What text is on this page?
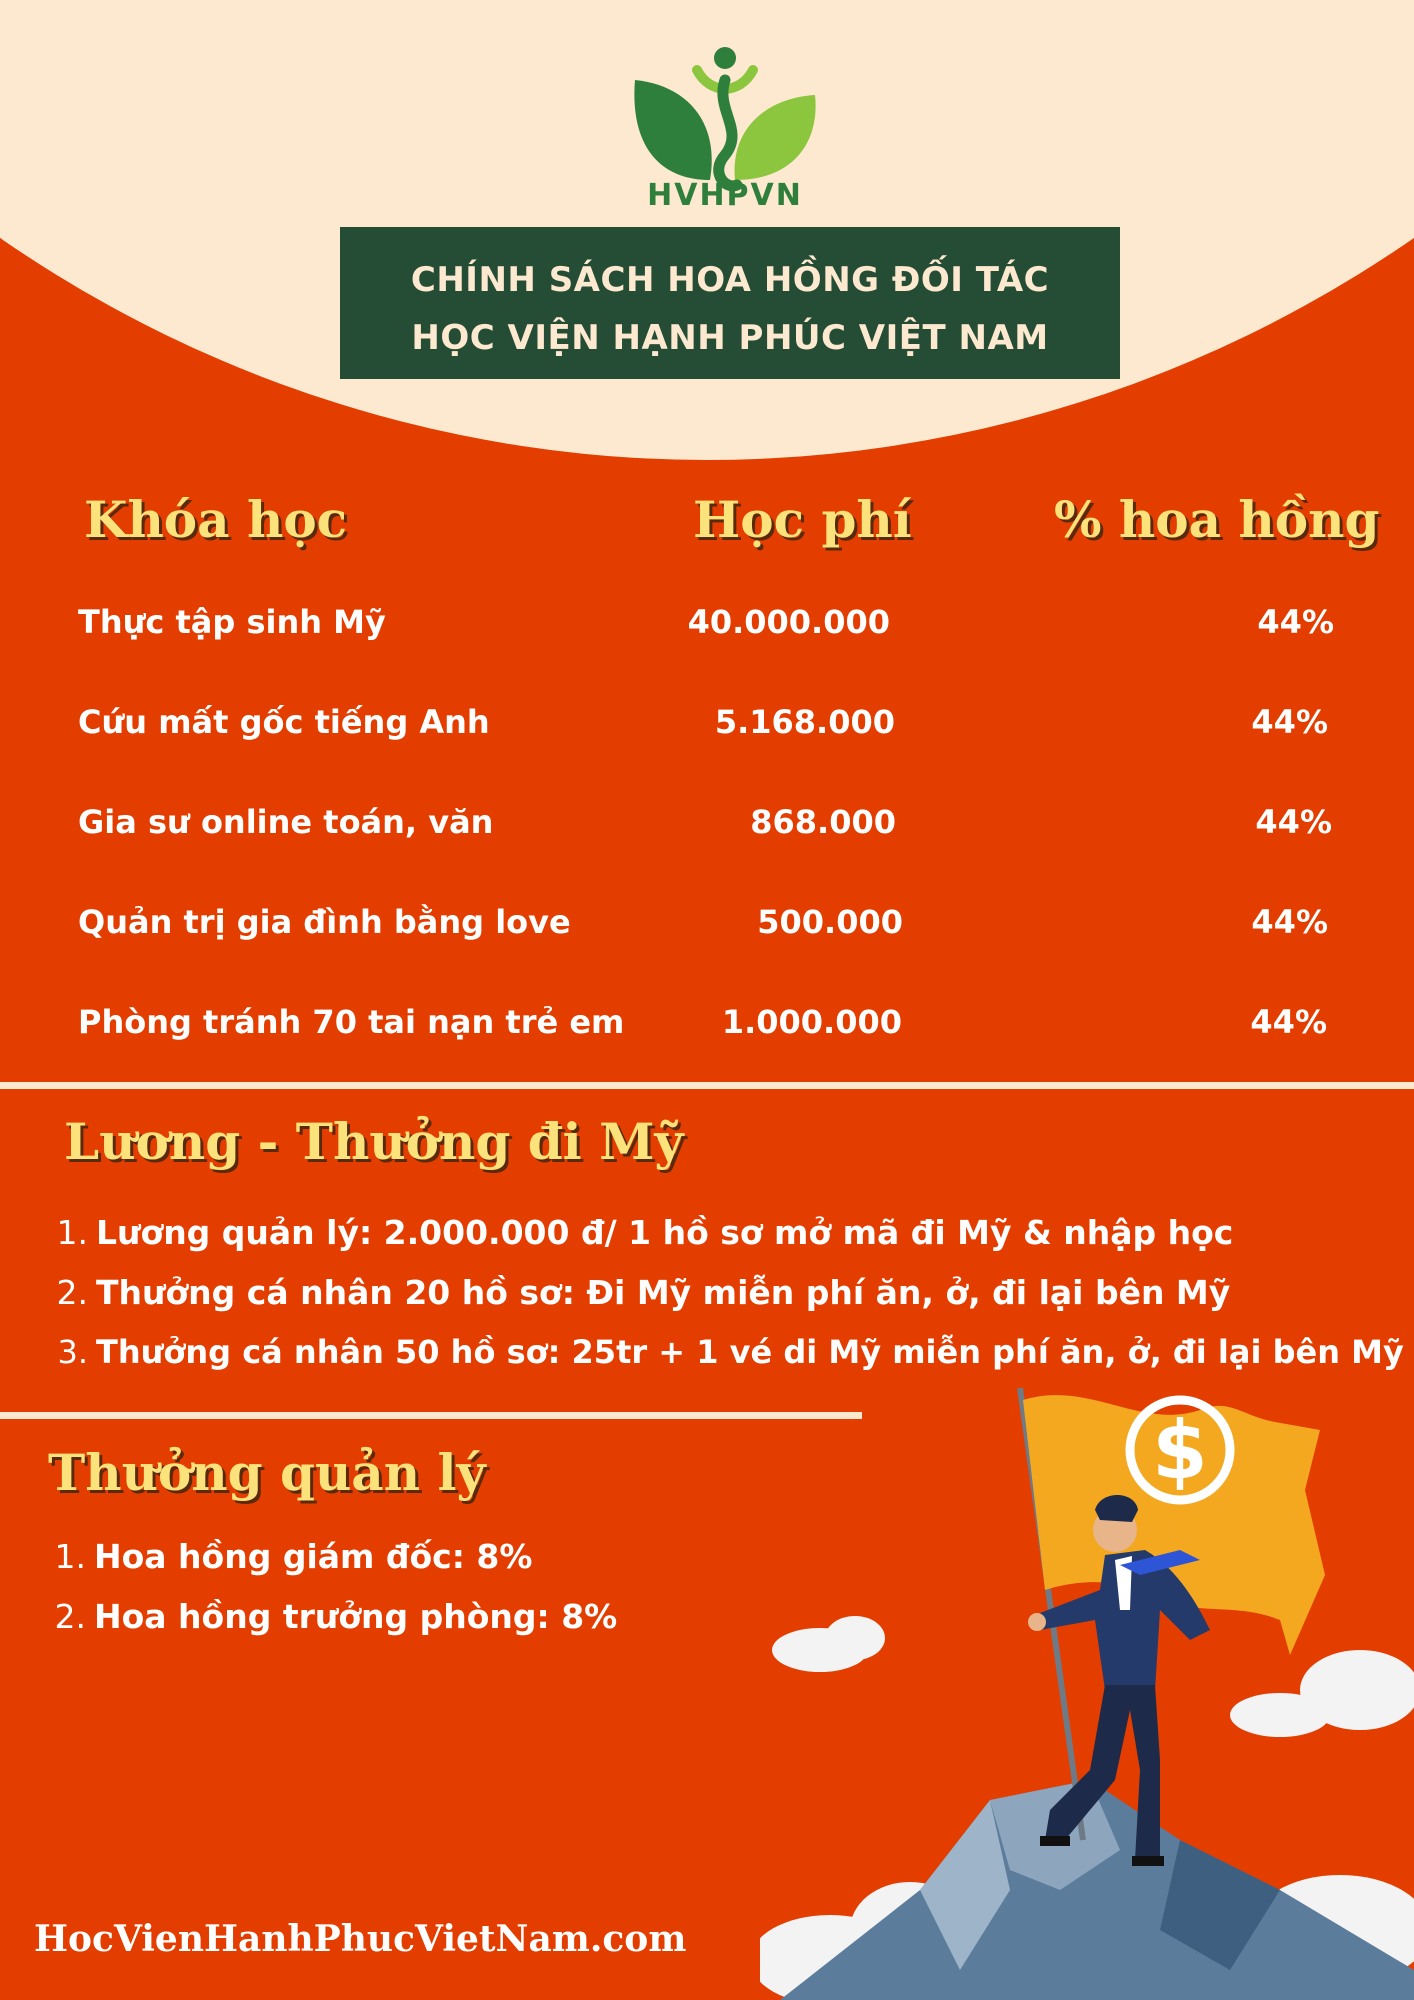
HVHPVN
CHÍNH SÁCH HOA HỒNG ĐỐI TÁC
HỌC VIỆN HẠNH PHÚC VIỆT NAM
Khóa học	Học phí	% hoa hồng
Thực tập sinh Mỹ	40.000.000	44%
Cứu mất gốc tiếng Anh	5.168.000	44%
Gia sư online toán, văn	868.000	44%
Quản trị gia đình bằng love	500.000	44%
Phòng tránh 70 tai nạn trẻ em	1.000.000	44%
Lương - Thưởng đi Mỹ
1. Lương quản lý: 2.000.000 đ/ 1 hồ sơ mở mã đi Mỹ & nhập học
2. Thưởng cá nhân 20 hồ sơ: Đi Mỹ miễn phí ăn, ở, đi lại bên Mỹ
3. Thưởng cá nhân 50 hồ sơ: 25tr + 1 vé di Mỹ miễn phí ăn, ở, đi lại bên Mỹ
$
Thưởng quản lý
1. Hoa hồng giám đốc: 8%
2. Hoa hồng trưởng phòng: 8%
HocVienHanhPhucVietNam.com
